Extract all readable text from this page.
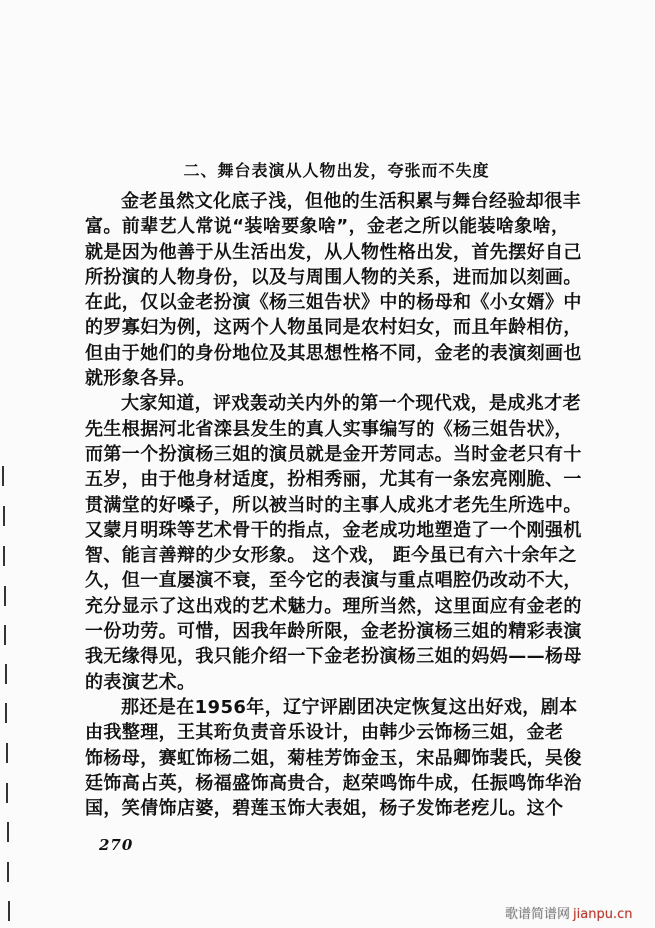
二、舞台表演从人物出发，夸张而不失度
金老虽然文化底子浅，但他的生活积累与舞台经验却很丰
富。前辈艺人常说“装啥要象啥”，金老之所以能装啥象啥，
就是因为他善于从生活出发，从人物性格出发，首先摆好自己
所扮演的人物身份，以及与周围人物的关系，进而加以刻画。
在此，仅以金老扮演《杨三姐告状》中的杨母和《小女婿》中
的罗寡妇为例，这两个人物虽同是农村妇女，而且年龄相仿，
但由于她们的身份地位及其思想性格不同，金老的表演刻画也
就形象各异。
大家知道，评戏轰动关内外的第一个现代戏，是成兆才老
先生根据河北省滦县发生的真人实事编写的《杨三姐告状》，
而第一个扮演杨三姐的演员就是金开芳同志。当时金老只有十
五岁，由于他身材适度，扮相秀丽，尤其有一条宏亮刚脆、一
贯满堂的好嗓子，所以被当时的主事人成兆才老先生所选中。
又蒙月明珠等艺术骨干的指点，金老成功地塑造了一个刚强机
智、能言善辩的少女形象。 这个戏， 距今虽已有六十余年之
久，但一直屡演不衰，至今它的表演与重点唱腔仍改动不大，
充分显示了这出戏的艺术魅力。理所当然，这里面应有金老的
一份功劳。可惜，因我年龄所限，金老扮演杨三姐的精彩表演
我无缘得见，我只能介绍一下金老扮演杨三姐的妈妈——杨母
的表演艺术。
那还是在1956年，辽宁评剧团决定恢复这出好戏，剧本
由我整理，王其珩负责音乐设计，由韩少云饰杨三姐，金老
饰杨母，赛虹饰杨二姐，菊桂芳饰金玉，宋品卿饰裴氏，吴俊
廷饰高占英，杨福盛饰高贵合，赵荣鸣饰牛成，任振鸣饰华治
国，笑倩饰店婆，碧莲玉饰大表姐，杨子发饰老疙儿。这个
270
歌谱简谱网 jianpu.cn
